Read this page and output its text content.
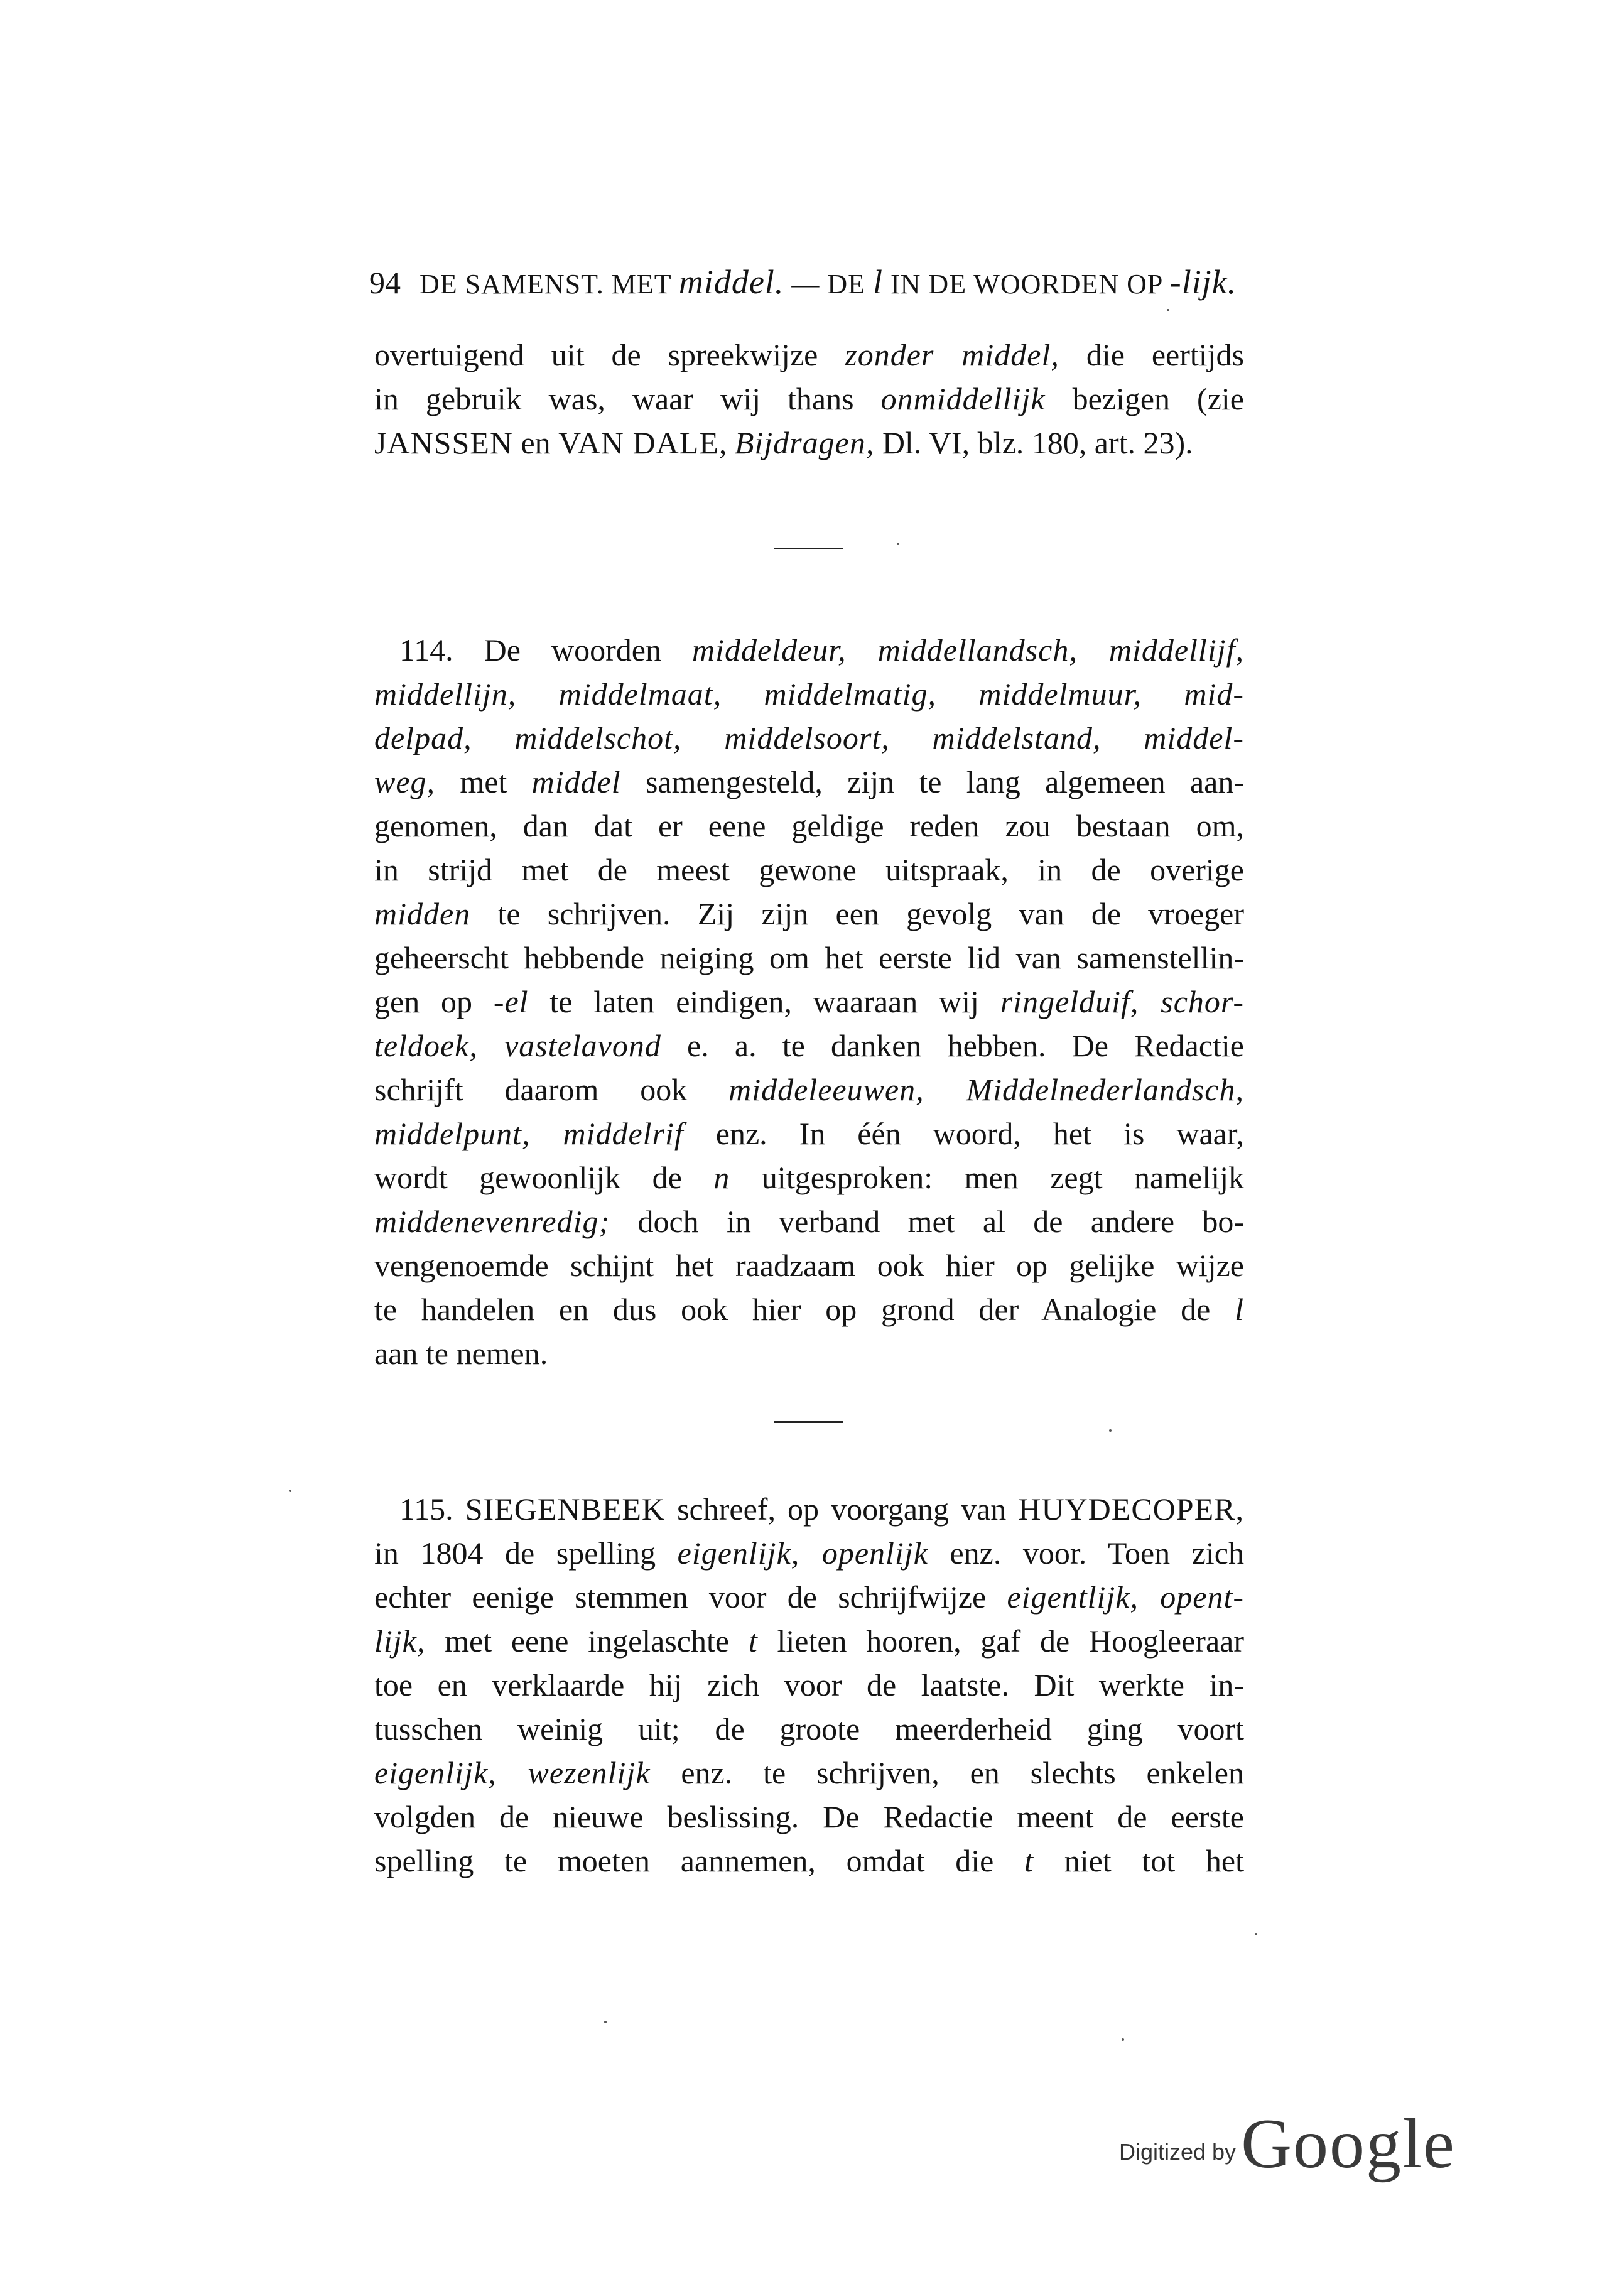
94 DE SAMENST. MET middel. — DE l IN DE WOORDEN OP -lijk.
overtuigend uit de spreekwijze zonder middel, die eertijds
in gebruik was, waar wij thans onmiddellijk bezigen (zie
JANSSEN en VAN DALE, Bijdragen, Dl. VI, blz. 180, art. 23).
114. De woorden middeldeur, middellandsch, middellijf,
middellijn, middelmaat, middelmatig, middelmuur, mid-
delpad, middelschot, middelsoort, middelstand, middel-
weg, met middel samengesteld, zijn te lang algemeen aan-
genomen, dan dat er eene geldige reden zou bestaan om,
in strijd met de meest gewone uitspraak, in de overige
midden te schrijven. Zij zijn een gevolg van de vroeger
geheerscht hebbende neiging om het eerste lid van samenstellin-
gen op -el te laten eindigen, waaraan wij ringelduif, schor-
teldoek, vastelavond e. a. te danken hebben. De Redactie
schrijft daarom ook middeleeuwen, Middelnederlandsch,
middelpunt, middelrif enz. In één woord, het is waar,
wordt gewoonlijk de n uitgesproken: men zegt namelijk
middenevenredig; doch in verband met al de andere bo-
vengenoemde schijnt het raadzaam ook hier op gelijke wijze
te handelen en dus ook hier op grond der Analogie de l
aan te nemen.
115. SIEGENBEEK schreef, op voorgang van HUYDECOPER,
in 1804 de spelling eigenlijk, openlijk enz. voor. Toen zich
echter eenige stemmen voor de schrijfwijze eigentlijk, opent-
lijk, met eene ingelaschte t lieten hooren, gaf de Hoogleeraar
toe en verklaarde hij zich voor de laatste. Dit werkte in-
tusschen weinig uit; de groote meerderheid ging voort
eigenlijk, wezenlijk enz. te schrijven, en slechts enkelen
volgden de nieuwe beslissing. De Redactie meent de eerste
spelling te moeten aannemen, omdat die t niet tot het
Digitized byGoogle
